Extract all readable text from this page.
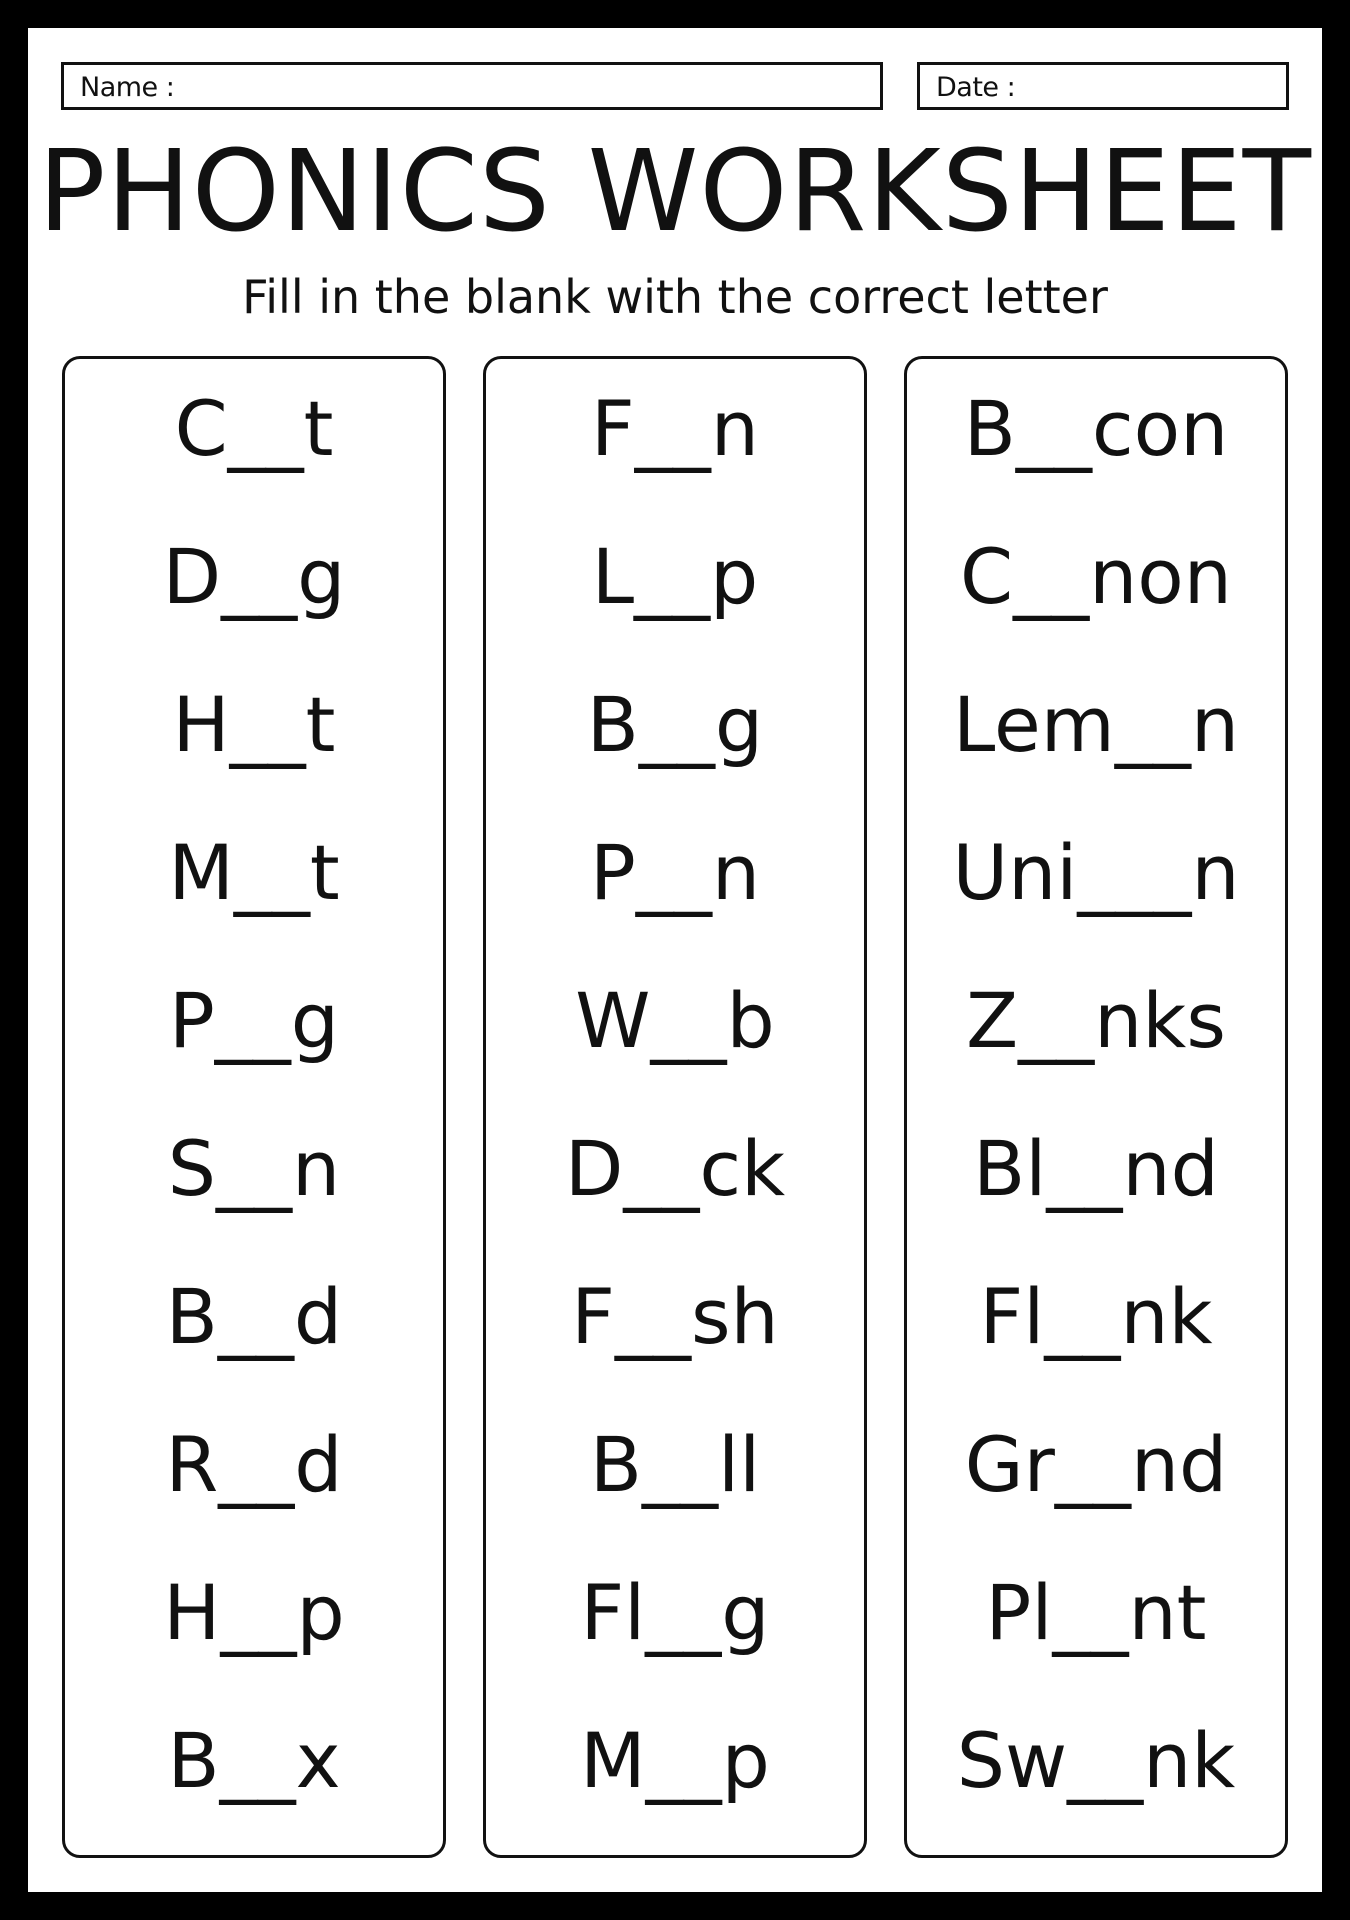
Name :	Date :
PHONICS WORKSHEET
Fill in the blank with the correct letter
C__t
D__g
H__t
M__t
P__g
S__n
B__d
R__d
H__p
B__x
F__n
L__p
B__g
P__n
W__b
D__ck
F__sh
B__ll
Fl__g
M__p
B__con
C__non
Lem__n
Uni___n
Z__nks
Bl__nd
Fl__nk
Gr__nd
Pl__nt
Sw__nk
